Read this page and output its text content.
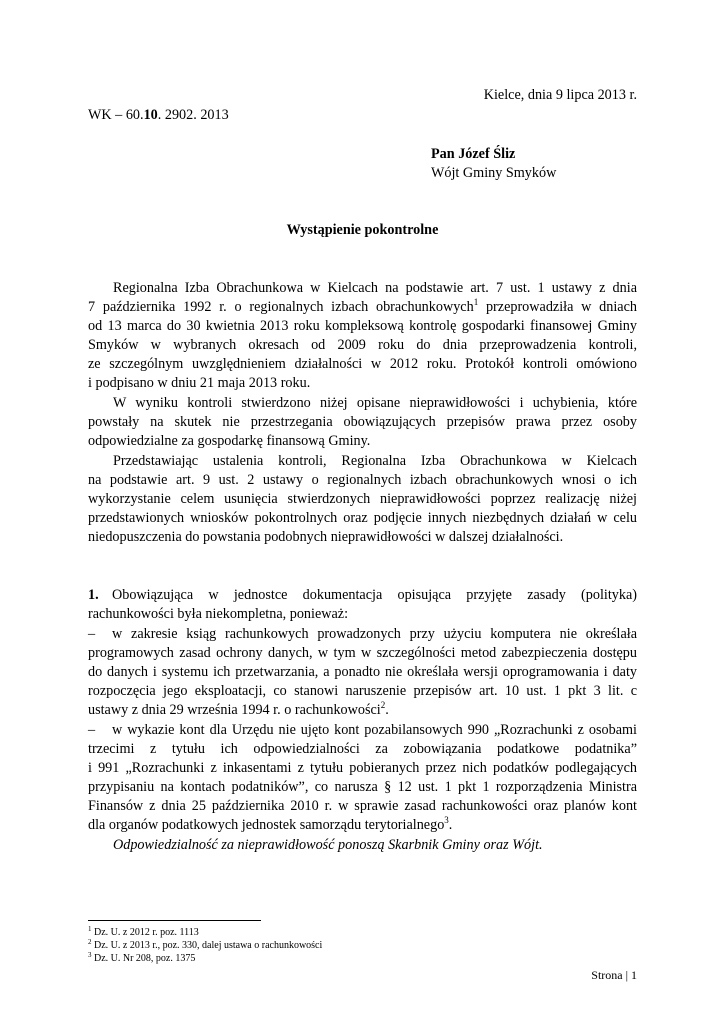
Kielce, dnia 9 lipca 2013 r.
WK – 60.10. 2902. 2013
Pan Józef Śliz
Wójt Gminy Smyków
Wystąpienie pokontrolne
Regionalna Izba Obrachunkowa w Kielcach na podstawie art. 7 ust. 1 ustawy z dnia
7 października 1992 r. o regionalnych izbach obrachunkowych$^1$ przeprowadziła w dniach
od 13 marca do 30 kwietnia 2013 roku kompleksową kontrolę gospodarki finansowej Gminy
Smyków w wybranych okresach od 2009 roku do dnia przeprowadzenia kontroli,
ze szczególnym uwzględnieniem działalności w 2012 roku. Protokół kontroli omówiono
i podpisano w dniu 21 maja 2013 roku.
W wyniku kontroli stwierdzono niżej opisane nieprawidłowości i uchybienia, które
powstały na skutek nie przestrzegania obowiązujących przepisów prawa przez osoby
odpowiedzialne za gospodarkę finansową Gminy.
Przedstawiając ustalenia kontroli, Regionalna Izba Obrachunkowa w Kielcach
na podstawie art. 9 ust. 2 ustawy o regionalnych izbach obrachunkowych wnosi o ich
wykorzystanie celem usunięcia stwierdzonych nieprawidłowości poprzez realizację niżej
przedstawionych wniosków pokontrolnych oraz podjęcie innych niezbędnych działań w celu
niedopuszczenia do powstania podobnych nieprawidłowości w dalszej działalności.
1. Obowiązująca w jednostce dokumentacja opisująca przyjęte zasady (polityka)
rachunkowości była niekompletna, ponieważ:
– w zakresie ksiąg rachunkowych prowadzonych przy użyciu komputera nie określała
programowych zasad ochrony danych, w tym w szczególności metod zabezpieczenia dostępu
do danych i systemu ich przetwarzania, a ponadto nie określała wersji oprogramowania i daty
rozpoczęcia jego eksploatacji, co stanowi naruszenie przepisów art. 10 ust. 1 pkt 3 lit. c
ustawy z dnia 29 września 1994 r. o rachunkowości$^2$.
– w wykazie kont dla Urzędu nie ujęto kont pozabilansowych 990 „Rozrachunki z osobami
trzecimi z tytułu ich odpowiedzialności za zobowiązania podatkowe podatnika”
i 991 „Rozrachunki z inkasentami z tytułu pobieranych przez nich podatków podlegających
przypisaniu na kontach podatników”, co narusza § 12 ust. 1 pkt 1 rozporządzenia Ministra
Finansów z dnia 25 października 2010 r. w sprawie zasad rachunkowości oraz planów kont
dla organów podatkowych jednostek samorządu terytorialnego$^3$.
Odpowiedzialność za nieprawidłowość ponoszą Skarbnik Gminy oraz Wójt.
$^1$ Dz. U. z 2012 r. poz. 1113
$^2$ Dz. U. z 2013 r., poz. 330, dalej ustawa o rachunkowości
$^3$ Dz. U. Nr 208, poz. 1375
Strona | 1
